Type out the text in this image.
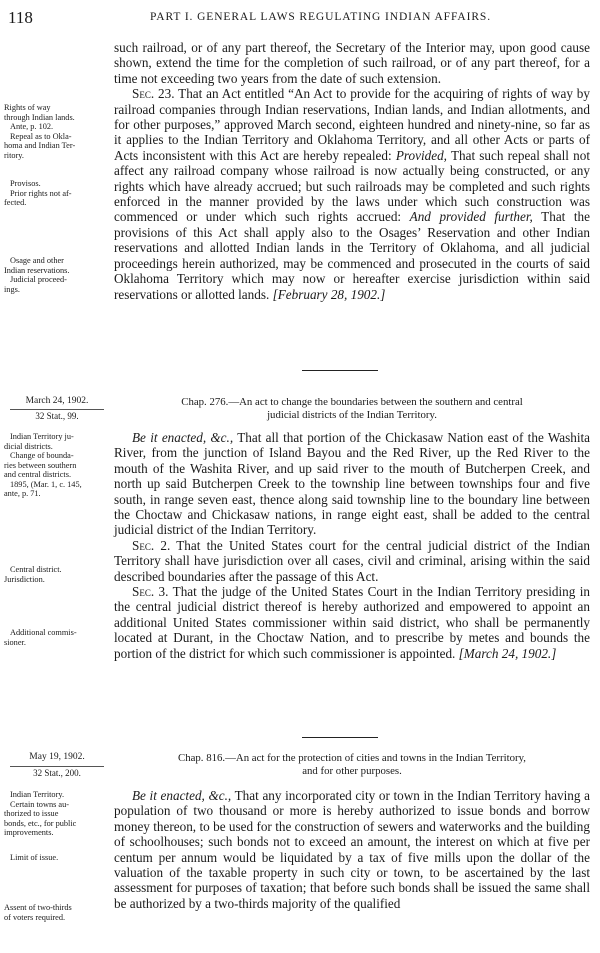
118	PART I. GENERAL LAWS REGULATING INDIAN AFFAIRS.

such railroad, or of any part thereof, the Secretary of the Interior may, upon good cause shown, extend the time for the completion of such railroad, or of any part thereof, for a time not exceeding two years from the date of such extension.

Sec. 23. That an Act entitled “An Act to provide for the acquiring of rights of way by railroad companies through Indian reservations, Indian lands, and Indian allotments, and for other purposes,” approved March second, eighteen hundred and ninety-nine, so far as it applies to the Indian Territory and Oklahoma Territory, and all other Acts or parts of Acts inconsistent with this Act are hereby repealed: Provided, That such repeal shall not affect any railroad company whose railroad is now actually being constructed, or any rights which have already accrued; but such railroads may be completed and such rights enforced in the manner provided by the laws under which such construction was commenced or under which such rights accrued: And provided further, That the provisions of this Act shall apply also to the Osages’ Reservation and other Indian reservations and allotted Indian lands in the Territory of Oklahoma, and all judicial proceedings herein authorized, may be commenced and prosecuted in the courts of said Oklahoma Territory which may now or hereafter exercise jurisdiction within said reservations or allotted lands. [February 28, 1902.]

Rights of way
through Indian lands.
Ante, p. 102.
Repeal as to Okla-
homa and Indian Ter-
ritory.
Provisos.
Prior rights not af-
fected.
Osage and other
Indian reservations.
Judicial proceed-
ings.
March 24, 1902.
32 Stat., 99.
Chap. 276.—An act to change the boundaries between the southern and central
judicial districts of the Indian Territory.

Be it enacted, &c., That all that portion of the Chickasaw Nation east of the Washita River, from the junction of Island Bayou and the Red River, up the Red River to the mouth of the Washita River, and up said river to the mouth of Butcherpen Creek, and north up said Butcherpen Creek to the township line between townships four and five south, in range seven east, thence along said township line to the boundary line between the Choctaw and Chickasaw nations, in range eight east, shall be added to the central judicial district of the Indian Territory.

Sec. 2. That the United States court for the central judicial district of the Indian Territory shall have jurisdiction over all cases, civil and criminal, arising within the said described boundaries after the passage of this Act.

Sec. 3. That the judge of the United States Court in the Indian Territory presiding in the central judicial district thereof is hereby authorized and empowered to appoint an additional United States commissioner within said district, who shall be permanently located at Durant, in the Choctaw Nation, and to prescribe by metes and bounds the portion of the district for which such commissioner is appointed. [March 24, 1902.]

Indian Territory ju-
dicial districts.
Change of bounda-
ries between southern
and central districts.
1895, (Mar. 1, c. 145,
ante, p. 71.
Central district.
Jurisdiction.
Additional commis-
sioner.
May 19, 1902.
32 Stat., 200.
Chap. 816.—An act for the protection of cities and towns in the Indian Territory,
and for other purposes.

Be it enacted, &c., That any incorporated city or town in the Indian Territory having a population of two thousand or more is hereby authorized to issue bonds and borrow money thereon, to be used for the construction of sewers and waterworks and the building of schoolhouses; such bonds not to exceed an amount, the interest on which at five per centum per annum would be liquidated by a tax of five mills upon the dollar of the valuation of the taxable property in such city or town, to be ascertained by the last assessment for purposes of taxation; that before such bonds shall be issued the same shall be authorized by a two-thirds majority of the qualified

Indian Territory.
Certain towns au-
thorized to issue
bonds, etc., for public
improvements.
Limit of issue.
Assent of two-thirds
of voters required.
